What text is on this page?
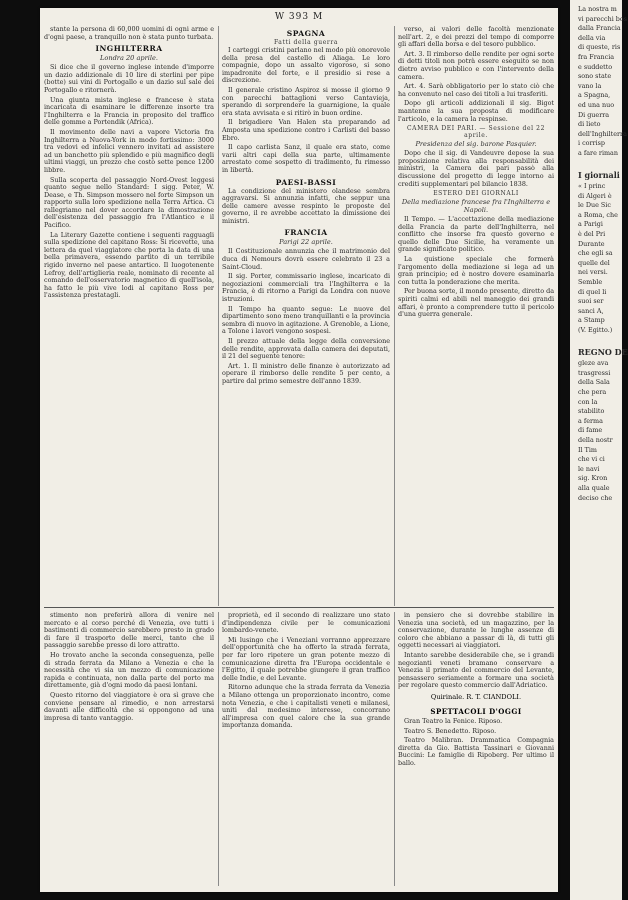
W 393 M

stante la persona di 60,000 uomini di ogni arme e d'ogni paese, a tranquillo non è stata punto turbata.

INGHILTERRA
Londra 20 aprile.

Si dice che il governo inglese intende d'imporre un dazio addizionale di 10 lire di sterlini per pipe (botte) sui vini di Portogallo e un dazio sul sale dei Portogallo e ritornerà.

Una giunta mista inglese e francese è stata incaricata di esaminare le differenze insorte tra l'Inghilterra e la Francia in proposito del traffico delle gomme a Portendik (Africa).

Il movimento delle navi a vapore Victoria fra Inghilterra a Nuova-York in modo fortissimo: 3000 tra vedovi ed infelici vennero invitati ad assistere ad un banchetto più splendido e più magnifico degli ultimi viaggi, un prezzo che costò sette pence 1200 libbre.

Sulla scoperta del passaggio Nord-Ovest leggesi quanto segue nello Standard: I sigg. Peter, W. Dease, e Th. Simpson mossero nel forte Simpson un rapporto sulla loro spedizione nella Terra Artica. Ci rallegriamo nel dover accordare la dimostrazione dell'esistenza del passaggio fra l'Atlantico e il Pacifico.

La Literary Gazette contiene i seguenti ragguagli sulla spedizione del capitano Ross: Si ricevette, una lettera da quel viaggiatore che porta la data di una bella primavera, essendo partito di un terribile rigido inverno nel paese antartico. Il luogotenente Lefroy, dell'artiglieria reale, nominato di recente al comando dell'osservatorio magnetico di quell'isola, ha fatto le più vive lodi al capitano Ross per l'assistenza prestatagli.

SPAGNA
Fatti della guerra

I carteggi cristini parlano nel modo più onorevole della presa del castello di Aliaga. Le loro compagnie, dopo un assalto vigoroso, si sono impadronite del forte, e il presidio si rese a discrezione.

Il generale cristino Aspiroz si mosse il giorno 9 con parecchi battaglioni verso Cantavieja, sperando di sorprendere la guarnigione, la quale era stata avvisata e si ritirò in buon ordine.

Il brigadiere Van Halen sta preparando ad Amposta una spedizione contro i Carlisti del basso Ebro.

Il capo carlista Sanz, il quale era stato, come varii altri capi della sua parte, ultimamente arrestato come sospetto di tradimento, fu rimesso in libertà.

PAESI-BASSI

La condizione del ministero olandese sembra aggravarsi. Si annunzia infatti, che seppur una delle camere avesse respinto le proposte del governo, il re avrebbe accettato la dimissione dei ministri.

FRANCIA
Parigi 22 aprile.

Il Costituzionale annunzia che il matrimonio del duca di Nemours dovrà essere celebrato il 23 a Saint-Cloud.

Il sig. Porter, commissario inglese, incaricato di negoziazioni commerciali tra l'Inghilterra e la Francia, è di ritorno a Parigi da Londra con nuove istruzioni.

Il Tempo ha quanto segue: Le nuove del dipartimento sono meno tranquillanti e la provincia sembra di nuovo in agitazione. A Grenoble, a Lione, a Tolone i lavori vengono sospesi.

Il prezzo attuale della legge della conversione delle rendite, approvata dalla camera dei deputati, il 21 del seguente tenore:

Art. 1. Il ministro delle finanze è autorizzato ad operare il rimborso delle rendite 5 per cento, a partire dal primo semestre dell'anno 1839.

verso, ai valori delle facoltà menzionate nell'art. 2, e dei prezzi del tempo di comporre gli affari della borsa e del tesoro pubblico.

Art. 3. Il rimborso delle rendite per ogni sorte di detti titoli non potrà essere eseguito se non dietro avviso pubblico e con l'intervento della camera.

Art. 4. Sarà obbligatorio per lo stato ciò che ha convenuto nel caso dei titoli a lui trasferiti.

Dopo gli articoli addizionali il sig. Bigot mantenne la sua proposta di modificare l'articolo, e la camera la respinse.

CAMERA DEI PARI. — Sessione del 22 aprile.
Presidenza del sig. barone Pasquier.

Dopo che il sig. di Vandeuvre depose la sua proposizione relativa alla responsabilità dei ministri, la Camera dei pari passò alla discussione del progetto di legge intorno ai crediti supplementari pel bilancio 1838.

ESTERO DEI GIORNALI
Della mediazione francese fra l'Inghilterra e Napoli.

Il Tempo. — L'accettazione della mediazione della Francia da parte dell'Inghilterra, nel conflitto che insorse fra questo governo e quello delle Due Sicilie, ha veramente un grande significato politico.

La quistione speciale che formerà l'argomento della mediazione si lega ad un gran principio; ed è nostro dovere esaminarla con tutta la ponderazione che merita.

Per buona sorte, il mondo presente, diretto da spiriti calmi ed abili nel maneggio dei grandi affari, è pronto a comprendere tutto il pericolo d'una guerra generale.

stimento non preferirà allora di venire nel mercato e al corso perché di Venezia, ove tutti i bastimenti di commercio sarebbero presto in grado di fare il trasporto delle merci, tanto che il passaggio sarebbe presso di loro attratto.

Ho trovato anche la seconda conseguenza, pelle di strada ferrata da Milano a Venezia e che la necessità che vi sia un mezzo di comunicazione rapida e continuata, non dalla parte del porto ma direttamente, già d'ogni modo da paesi lontani.

Questo ritorno del viaggiatore è ora sì grave che conviene pensare al rimedio, e non arrestarsi davanti alle difficoltà che si oppongono ad una impresa di tanto vantaggio.

proprietà, ed il secondo di realizzare uno stato d'indipendenza civile per le comunicazioni lombardo-venete.

Mi lusingo che i Veneziani vorranno apprezzare dell'opportunità che ha offerto la strada ferrata, per far loro ripetere un gran potente mezzo di comunicazione diretta fra l'Europa occidentale e l'Egitto, il quale potrebbe giungere il gran traffico delle Indie, e del Levante.

Ritorno adunque che la strada ferrata da Venezia a Milano ottenga un proporzionato incontro, come nota Venezia, e che i capitalisti veneti e milanesi, uniti dal medesimo interesse, concorrano all'impresa con quel calore che la sua grande importanza domanda.

in pensiero che si dovrebbe stabilire in Venezia una società, ed un magazzino, per la conservazione, durante le lunghe assenze di coloro che abbiano a passar di là, di tutti gli oggetti necessari ai viaggiatori.

Intanto sarebbe desiderabile che, se i grandi negozianti veneti bramano conservare a Venezia il primato del commercio del Levante, pensassero seriamente a formare una società per regolare questo commercio dall'Adriatico.

Quirinale. R. T. CIANDOLI.
SPETTACOLI D'OGGI

Gran Teatro la Fenice. Riposo.

Teatro S. Benedetto. Riposo.

Teatro Malibran. Drammatica Compagnia diretta da Gio. Battista Tassinari e Giovanni Buccini: Le famiglie di Ripoberg. Per ultimo il ballo.

La nostra m

vi parecchi bos

dalla Francia

della via

di queste, ris

fra Francia

e suddetto

sono state

vano la

a Spagna,

ed una nuo

Di guerra

di lieto

dell'Inghilterra

i corrisp

a fare riman

I giornali

« I princ

di Algeri è

le Due Sic

a Roma, che

a Parigi

è del Pri

Durante

che egli sa

quelle del

nei versi.

Semble

di quel li

suoi ser

sanci A,

a Stamp

(V. Egitto.)

REGNO DE

gleze ava

trasgressi

della Sala

che pera

con la

stabilito

a ferma

di fame

della nostr

Il Tim

che vi ci

le navi

sig. Kron

alla quale

deciso che
